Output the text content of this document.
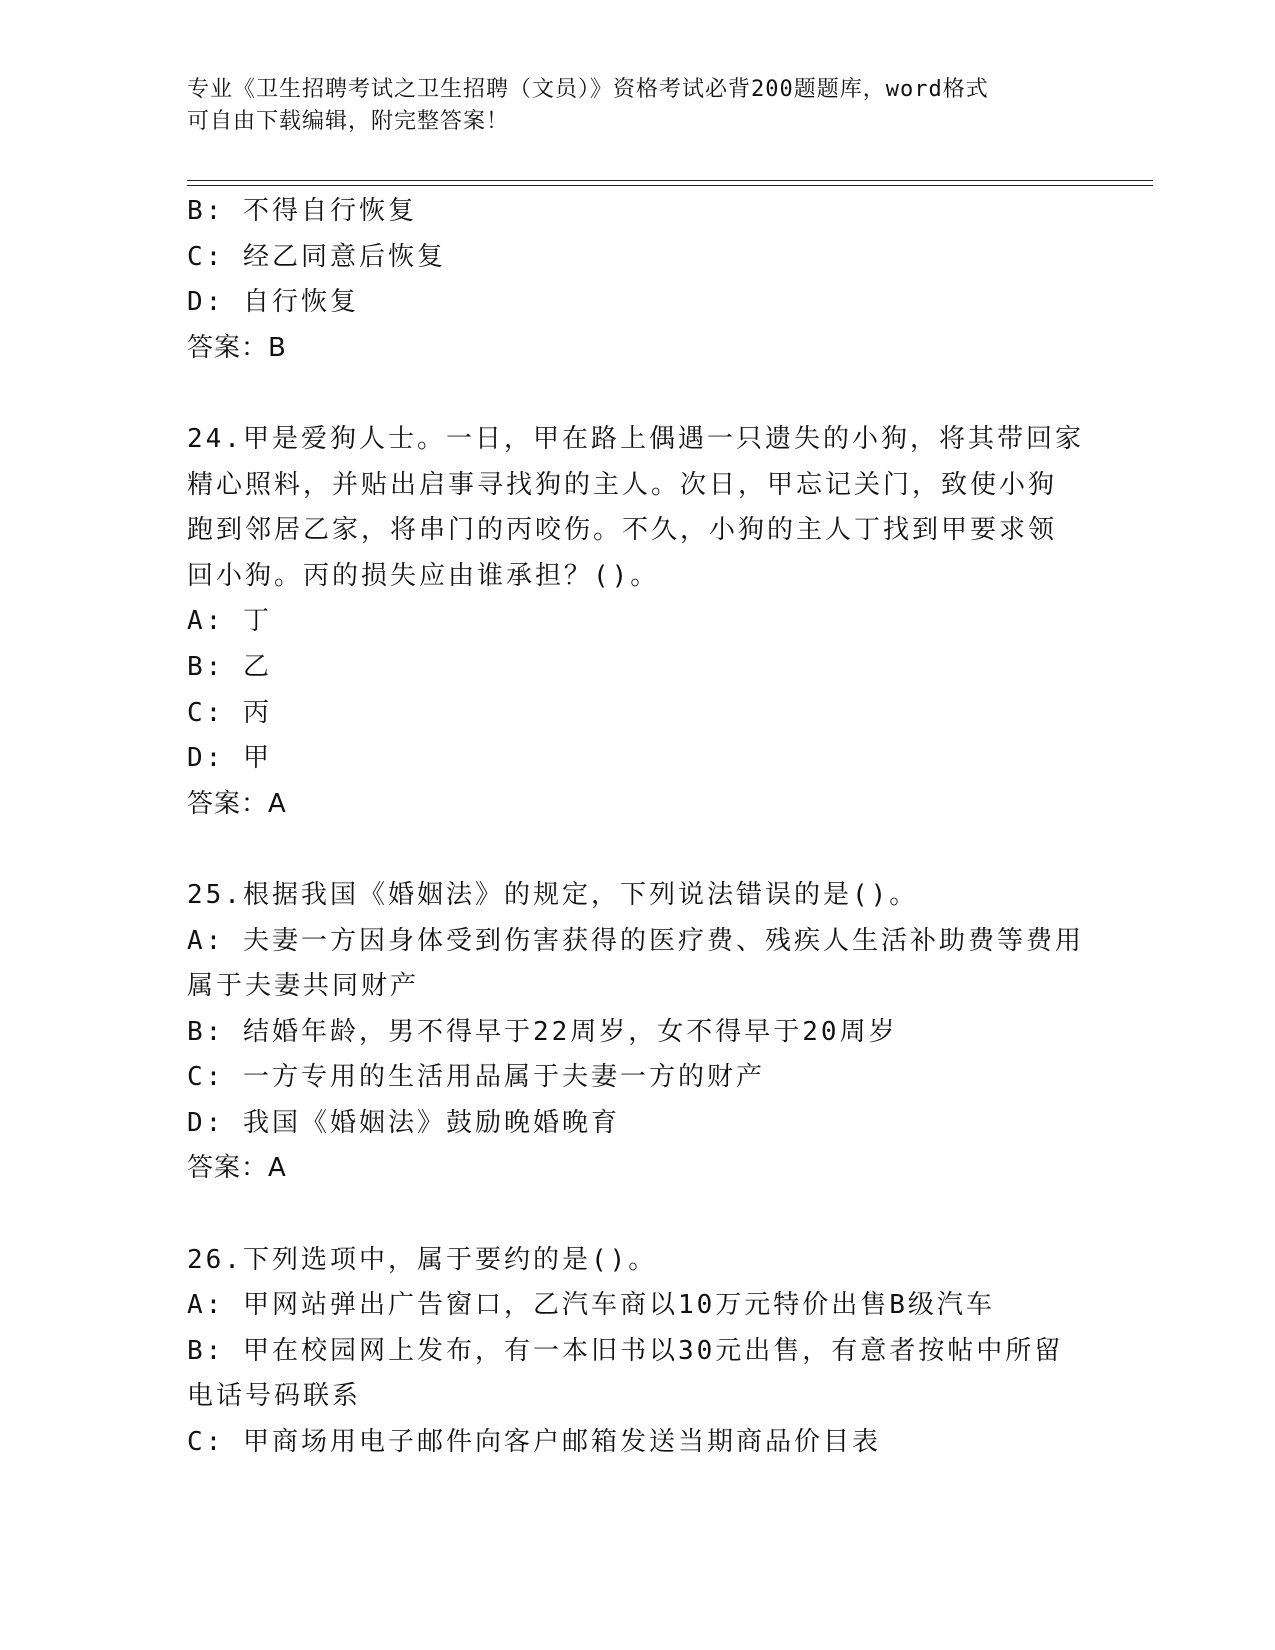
专业《卫生招聘考试之卫生招聘（文员）》资格考试必背200题题库，word格式
可自由下载编辑，附完整答案！
B: 不得自行恢复
C: 经乙同意后恢复
D: 自行恢复
答案：B
24.甲是爱狗人士。一日，甲在路上偶遇一只遗失的小狗，将其带回家
精心照料，并贴出启事寻找狗的主人。次日，甲忘记关门，致使小狗
跑到邻居乙家，将串门的丙咬伤。不久，小狗的主人丁找到甲要求领
回小狗。丙的损失应由谁承担？()。
A: 丁
B: 乙
C: 丙
D: 甲
答案：A
25.根据我国《婚姻法》的规定，下列说法错误的是()。
A: 夫妻一方因身体受到伤害获得的医疗费、残疾人生活补助费等费用
属于夫妻共同财产
B: 结婚年龄，男不得早于22周岁，女不得早于20周岁
C: 一方专用的生活用品属于夫妻一方的财产
D: 我国《婚姻法》鼓励晚婚晚育
答案：A
26.下列选项中，属于要约的是()。
A: 甲网站弹出广告窗口，乙汽车商以10万元特价出售B级汽车
B: 甲在校园网上发布，有一本旧书以30元出售，有意者按帖中所留
电话号码联系
C: 甲商场用电子邮件向客户邮箱发送当期商品价目表
